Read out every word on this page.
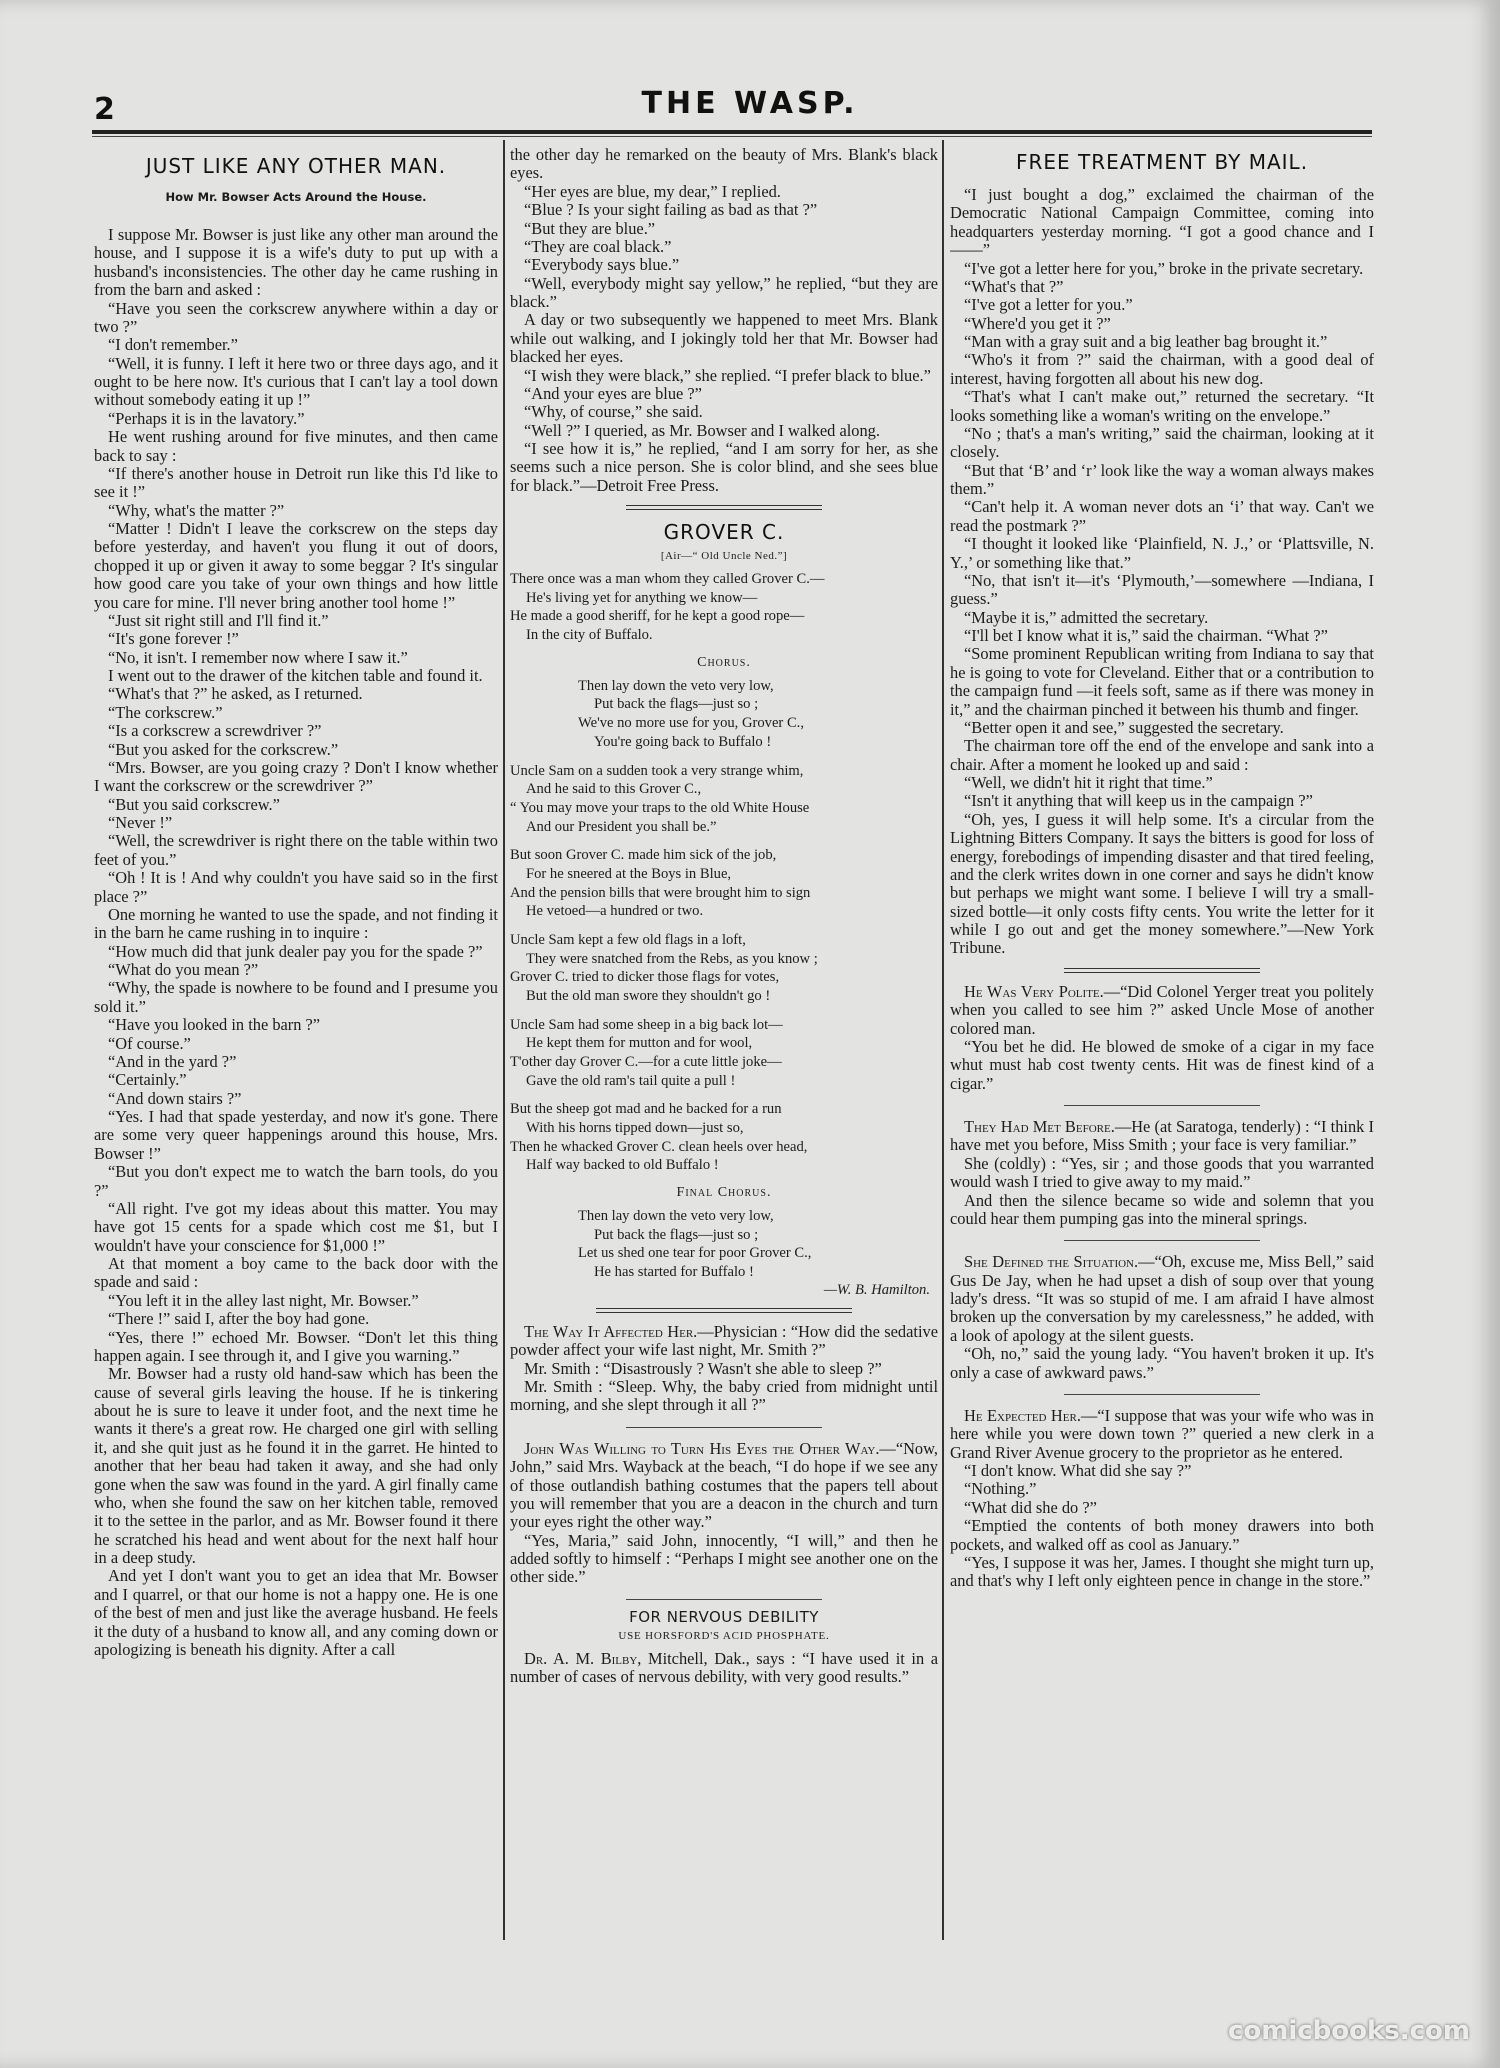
2	THE WASP.
JUST LIKE ANY OTHER MAN.
How Mr. Bowser Acts Around the House.

I suppose Mr. Bowser is just like any other man around the house, and I suppose it is a wife's duty to put up with a husband's inconsistencies. The other day he came rushing in from the barn and asked :

“Have you seen the corkscrew anywhere within a day or two ?”

“I don't remember.”

“Well, it is funny. I left it here two or three days ago, and it ought to be here now. It's curious that I can't lay a tool down without somebody eating it up !”

“Perhaps it is in the lavatory.”

He went rushing around for five minutes, and then came back to say :

“If there's another house in Detroit run like this I'd like to see it !”

“Why, what's the matter ?”

“Matter ! Didn't I leave the corkscrew on the steps day before yesterday, and haven't you flung it out of doors, chopped it up or given it away to some beggar ? It's singular how good care you take of your own things and how little you care for mine. I'll never bring another tool home !”

“Just sit right still and I'll find it.”

“It's gone forever !”

“No, it isn't. I remember now where I saw it.”

I went out to the drawer of the kitchen table and found it.

“What's that ?” he asked, as I returned.

“The corkscrew.”

“Is a corkscrew a screwdriver ?”

“But you asked for the corkscrew.”

“Mrs. Bowser, are you going crazy ? Don't I know whether I want the corkscrew or the screwdriver ?”

“But you said corkscrew.”

“Never !”

“Well, the screwdriver is right there on the table within two feet of you.”

“Oh ! It is ! And why couldn't you have said so in the first place ?”

One morning he wanted to use the spade, and not finding it in the barn he came rushing in to inquire :

“How much did that junk dealer pay you for the spade ?”

“What do you mean ?”

“Why, the spade is nowhere to be found and I presume you sold it.”

“Have you looked in the barn ?”

“Of course.”

“And in the yard ?”

“Certainly.”

“And down stairs ?”

“Yes. I had that spade yesterday, and now it's gone. There are some very queer happenings around this house, Mrs. Bowser !”

“But you don't expect me to watch the barn tools, do you ?”

“All right. I've got my ideas about this matter. You may have got 15 cents for a spade which cost me $1, but I wouldn't have your conscience for $1,000 !”

At that moment a boy came to the back door with the spade and said :

“You left it in the alley last night, Mr. Bowser.”

“There !” said I, after the boy had gone.

“Yes, there !” echoed Mr. Bowser. “Don't let this thing happen again. I see through it, and I give you warning.”

Mr. Bowser had a rusty old hand-saw which has been the cause of several girls leaving the house. If he is tinkering about he is sure to leave it under foot, and the next time he wants it there's a great row. He charged one girl with selling it, and she quit just as he found it in the garret. He hinted to another that her beau had taken it away, and she had only gone when the saw was found in the yard. A girl finally came who, when she found the saw on her kitchen table, removed it to the settee in the parlor, and as Mr. Bowser found it there he scratched his head and went about for the next half hour in a deep study.

And yet I don't want you to get an idea that Mr. Bowser and I quarrel, or that our home is not a happy one. He is one of the best of men and just like the average husband. He feels it the duty of a husband to know all, and any coming down or apologizing is beneath his dignity. After a call

the other day he remarked on the beauty of Mrs. Blank's black eyes.

“Her eyes are blue, my dear,” I replied.

“Blue ? Is your sight failing as bad as that ?”

“But they are blue.”

“They are coal black.”

“Everybody says blue.”

“Well, everybody might say yellow,” he replied, “but they are black.”

A day or two subsequently we happened to meet Mrs. Blank while out walking, and I jokingly told her that Mr. Bowser had blacked her eyes.

“I wish they were black,” she replied. “I prefer black to blue.”

“And your eyes are blue ?”

“Why, of course,” she said.

“Well ?” I queried, as Mr. Bowser and I walked along.

“I see how it is,” he replied, “and I am sorry for her, as she seems such a nice person. She is color blind, and she sees blue for black.”—Detroit Free Press.

GROVER C.
[Air—“ Old Uncle Ned.”]
There once was a man whom they called Grover C.—
He's living yet for anything we know—
He made a good sheriff, for he kept a good rope—
In the city of Buffalo.
Chorus.
Then lay down the veto very low,
Put back the flags—just so ;
We've no more use for you, Grover C.,
You're going back to Buffalo !
Uncle Sam on a sudden took a very strange whim,
And he said to this Grover C.,
“ You may move your traps to the old White House
And our President you shall be.”
But soon Grover C. made him sick of the job,
For he sneered at the Boys in Blue,
And the pension bills that were brought him to sign
He vetoed—a hundred or two.
Uncle Sam kept a few old flags in a loft,
They were snatched from the Rebs, as you know ;
Grover C. tried to dicker those flags for votes,
But the old man swore they shouldn't go !
Uncle Sam had some sheep in a big back lot—
He kept them for mutton and for wool,
T'other day Grover C.—for a cute little joke—
Gave the old ram's tail quite a pull !
But the sheep got mad and he backed for a run
With his horns tipped down—just so,
Then he whacked Grover C. clean heels over head,
Half way backed to old Buffalo !
Final Chorus.
Then lay down the veto very low,
Put back the flags—just so ;
Let us shed one tear for poor Grover C.,
He has started for Buffalo !
—W. B. Hamilton.

The Way It Affected Her.—Physician : “How did the sedative powder affect your wife last night, Mr. Smith ?”

Mr. Smith : “Disastrously ? Wasn't she able to sleep ?”

Mr. Smith : “Sleep. Why, the baby cried from midnight until morning, and she slept through it all ?”

John Was Willing to Turn His Eyes the Other Way.—“Now, John,” said Mrs. Wayback at the beach, “I do hope if we see any of those outlandish bathing costumes that the papers tell about you will remember that you are a deacon in the church and turn your eyes right the other way.”

“Yes, Maria,” said John, innocently, “I will,” and then he added softly to himself : “Perhaps I might see another one on the other side.”

FOR NERVOUS DEBILITY
USE HORSFORD'S ACID PHOSPHATE.

Dr. A. M. Bilby, Mitchell, Dak., says : “I have used it in a number of cases of nervous debility, with very good results.”

FREE TREATMENT BY MAIL.

“I just bought a dog,” exclaimed the chairman of the Democratic National Campaign Committee, coming into headquarters yesterday morning. “I got a good chance and I——”

“I've got a letter here for you,” broke in the private secretary.

“What's that ?”

“I've got a letter for you.”

“Where'd you get it ?”

“Man with a gray suit and a big leather bag brought it.”

“Who's it from ?” said the chairman, with a good deal of interest, having forgotten all about his new dog.

“That's what I can't make out,” returned the secretary. “It looks something like a woman's writing on the envelope.”

“No ; that's a man's writing,” said the chairman, looking at it closely.

“But that ‘B’ and ‘r’ look like the way a woman always makes them.”

“Can't help it. A woman never dots an ‘i’ that way. Can't we read the postmark ?”

“I thought it looked like ‘Plainfield, N. J.,’ or ‘Plattsville, N. Y.,’ or something like that.”

“No, that isn't it—it's ‘Plymouth,’—somewhere —Indiana, I guess.”

“Maybe it is,” admitted the secretary.

“I'll bet I know what it is,” said the chairman. “What ?”

“Some prominent Republican writing from Indiana to say that he is going to vote for Cleveland. Either that or a contribution to the campaign fund —it feels soft, same as if there was money in it,” and the chairman pinched it between his thumb and finger.

“Better open it and see,” suggested the secretary.

The chairman tore off the end of the envelope and sank into a chair. After a moment he looked up and said :

“Well, we didn't hit it right that time.”

“Isn't it anything that will keep us in the campaign ?”

“Oh, yes, I guess it will help some. It's a circular from the Lightning Bitters Company. It says the bitters is good for loss of energy, forebodings of impending disaster and that tired feeling, and the clerk writes down in one corner and says he didn't know but perhaps we might want some. I believe I will try a small-sized bottle—it only costs fifty cents. You write the letter for it while I go out and get the money somewhere.”—New York Tribune.

He Was Very Polite.—“Did Colonel Yerger treat you politely when you called to see him ?” asked Uncle Mose of another colored man.

“You bet he did. He blowed de smoke of a cigar in my face whut must hab cost twenty cents. Hit was de finest kind of a cigar.”

They Had Met Before.—He (at Saratoga, tenderly) : “I think I have met you before, Miss Smith ; your face is very familiar.”

She (coldly) : “Yes, sir ; and those goods that you warranted would wash I tried to give away to my maid.”

And then the silence became so wide and solemn that you could hear them pumping gas into the mineral springs.

She Defined the Situation.—“Oh, excuse me, Miss Bell,” said Gus De Jay, when he had upset a dish of soup over that young lady's dress. “It was so stupid of me. I am afraid I have almost broken up the conversation by my carelessness,” he added, with a look of apology at the silent guests.

“Oh, no,” said the young lady. “You haven't broken it up. It's only a case of awkward paws.”

He Expected Her.—“I suppose that was your wife who was in here while you were down town ?” queried a new clerk in a Grand River Avenue grocery to the proprietor as he entered.

“I don't know. What did she say ?”

“Nothing.”

“What did she do ?”

“Emptied the contents of both money drawers into both pockets, and walked off as cool as January.”

“Yes, I suppose it was her, James. I thought she might turn up, and that's why I left only eighteen pence in change in the store.”

comicbooks.com
